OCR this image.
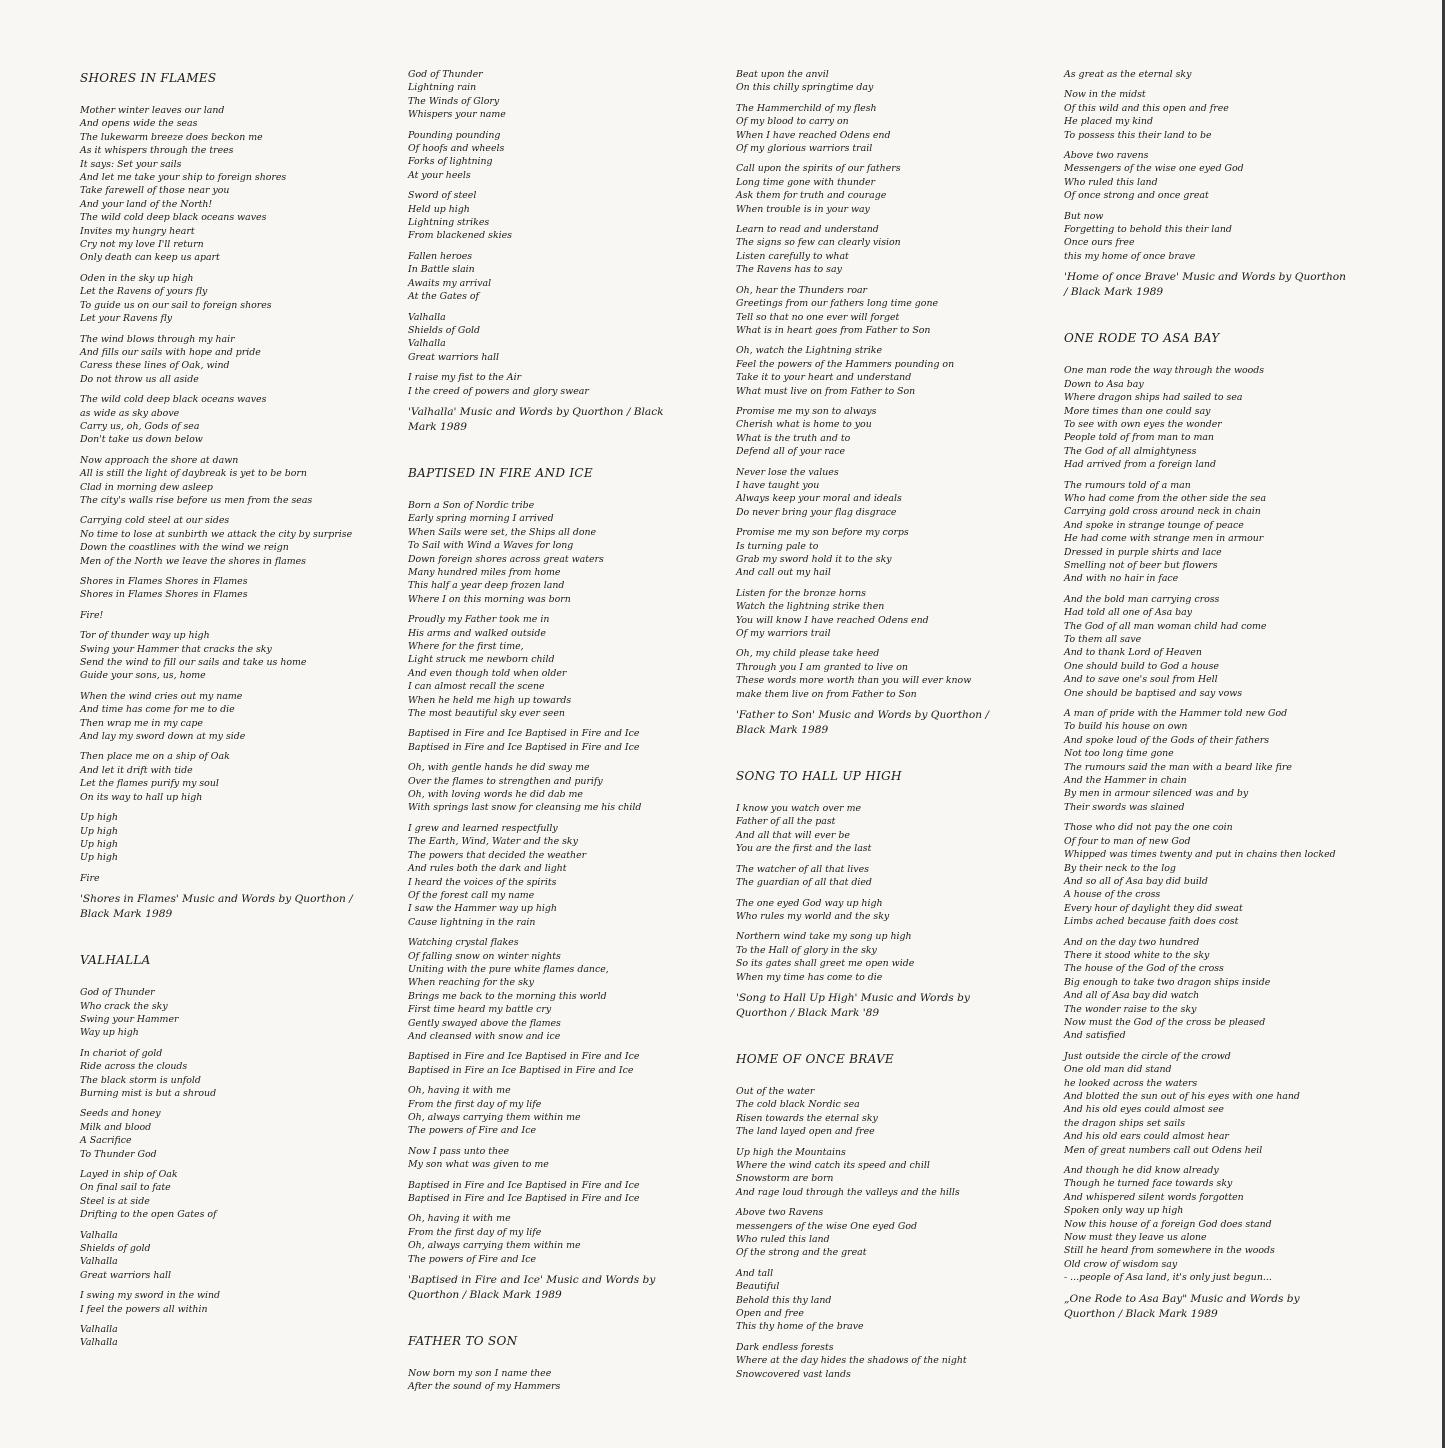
SHORES IN FLAMES
Mother winter leaves our land
And opens wide the seas
The lukewarm breeze does beckon me
As it whispers through the trees
It says: Set your sails
And let me take your ship to foreign shores
Take farewell of those near you
And your land of the North!
The wild cold deep black oceans waves
Invites my hungry heart
Cry not my love I'll return
Only death can keep us apart
Oden in the sky up high
Let the Ravens of yours fly
To guide us on our sail to foreign shores
Let your Ravens fly
The wind blows through my hair
And fills our sails with hope and pride
Caress these lines of Oak, wind
Do not throw us all aside
The wild cold deep black oceans waves
as wide as sky above
Carry us, oh, Gods of sea
Don't take us down below
Now approach the shore at dawn
All is still the light of daybreak is yet to be born
Clad in morning dew asleep
The city's walls rise before us men from the seas
Carrying cold steel at our sides
No time to lose at sunbirth we attack the city by surprise
Down the coastlines with the wind we reign
Men of the North we leave the shores in flames
Shores in Flames Shores in Flames
Shores in Flames Shores in Flames
Fire!
Tor of thunder way up high
Swing your Hammer that cracks the sky
Send the wind to fill our sails and take us home
Guide your sons, us, home
When the wind cries out my name
And time has come for me to die
Then wrap me in my cape
And lay my sword down at my side
Then place me on a ship of Oak
And let it drift with tide
Let the flames purify my soul
On its way to hall up high
Up high
Up high
Up high
Up high
Fire
'Shores in Flames' Music and Words by Quorthon / Black Mark 1989
VALHALLA
God of Thunder
Who crack the sky
Swing your Hammer
Way up high
In chariot of gold
Ride across the clouds
The black storm is unfold
Burning mist is but a shroud
Seeds and honey
Milk and blood
A Sacrifice
To Thunder God
Layed in ship of Oak
On final sail to fate
Steel is at side
Drifting to the open Gates of
Valhalla
Shields of gold
Valhalla
Great warriors hall
I swing my sword in the wind
I feel the powers all within
Valhalla
Valhalla
God of Thunder
Lightning rain
The Winds of Glory
Whispers your name
Pounding pounding
Of hoofs and wheels
Forks of lightning
At your heels
Sword of steel
Held up high
Lightning strikes
From blackened skies
Fallen heroes
In Battle slain
Awaits my arrival
At the Gates of
Valhalla
Shields of Gold
Valhalla
Great warriors hall
I raise my fist to the Air
I the creed of powers and glory swear
'Valhalla' Music and Words by Quorthon / Black Mark 1989
BAPTISED IN FIRE AND ICE
Born a Son of Nordic tribe
Early spring morning I arrived
When Sails were set, the Ships all done
To Sail with Wind a Waves for long
Down foreign shores across great waters
Many hundred miles from home
This half a year deep frozen land
Where I on this morning was born
Proudly my Father took me in
His arms and walked outside
Where for the first time,
Light struck me newborn child
And even though told when older
I can almost recall the scene
When he held me high up towards
The most beautiful sky ever seen
Baptised in Fire and Ice Baptised in Fire and Ice
Baptised in Fire and Ice Baptised in Fire and Ice
Oh, with gentle hands he did sway me
Over the flames to strengthen and purify
Oh, with loving words he did dab me
With springs last snow for cleansing me his child
I grew and learned respectfully
The Earth, Wind, Water and the sky
The powers that decided the weather
And rules both the dark and light
I heard the voices of the spirits
Of the forest call my name
I saw the Hammer way up high
Cause lightning in the rain
Watching crystal flakes
Of falling snow on winter nights
Uniting with the pure white flames dance,
When reaching for the sky
Brings me back to the morning this world
First time heard my battle cry
Gently swayed above the flames
And cleansed with snow and ice
Baptised in Fire and Ice Baptised in Fire and Ice
Baptised in Fire an Ice Baptised in Fire and Ice
Oh, having it with me
From the first day of my life
Oh, always carrying them within me
The powers of Fire and Ice
Now I pass unto thee
My son what was given to me
Baptised in Fire and Ice Baptised in Fire and Ice
Baptised in Fire and Ice Baptised in Fire and Ice
Oh, having it with me
From the first day of my life
Oh, always carrying them within me
The powers of Fire and Ice
'Baptised in Fire and Ice' Music and Words by Quorthon / Black Mark 1989
FATHER TO SON
Now born my son I name thee
After the sound of my Hammers
Beat upon the anvil
On this chilly springtime day
The Hammerchild of my flesh
Of my blood to carry on
When I have reached Odens end
Of my glorious warriors trail
Call upon the spirits of our fathers
Long time gone with thunder
Ask them for truth and courage
When trouble is in your way
Learn to read and understand
The signs so few can clearly vision
Listen carefully to what
The Ravens has to say
Oh, hear the Thunders roar
Greetings from our fathers long time gone
Tell so that no one ever will forget
What is in heart goes from Father to Son
Oh, watch the Lightning strike
Feel the powers of the Hammers pounding on
Take it to your heart and understand
What must live on from Father to Son
Promise me my son to always
Cherish what is home to you
What is the truth and to
Defend all of your race
Never lose the values
I have taught you
Always keep your moral and ideals
Do never bring your flag disgrace
Promise me my son before my corps
Is turning pale to
Grab my sword hold it to the sky
And call out my hail
Listen for the bronze horns
Watch the lightning strike then
You will know I have reached Odens end
Of my warriors trail
Oh, my child please take heed
Through you I am granted to live on
These words more worth than you will ever know
make them live on from Father to Son
'Father to Son' Music and Words by Quorthon / Black Mark 1989
SONG TO HALL UP HIGH
I know you watch over me
Father of all the past
And all that will ever be
You are the first and the last
The watcher of all that lives
The guardian of all that died
The one eyed God way up high
Who rules my world and the sky
Northern wind take my song up high
To the Hall of glory in the sky
So its gates shall greet me open wide
When my time has come to die
'Song to Hall Up High' Music and Words by Quorthon / Black Mark '89
HOME OF ONCE BRAVE
Out of the water
The cold black Nordic sea
Risen towards the eternal sky
The land layed open and free
Up high the Mountains
Where the wind catch its speed and chill
Snowstorm are born
And rage loud through the valleys and the hills
Above two Ravens
messengers of the wise One eyed God
Who ruled this land
Of the strong and the great
And tall
Beautiful
Behold this thy land
Open and free
This thy home of the brave
Dark endless forests
Where at the day hides the shadows of the night
Snowcovered vast lands
As great as the eternal sky
Now in the midst
Of this wild and this open and free
He placed my kind
To possess this their land to be
Above two ravens
Messengers of the wise one eyed God
Who ruled this land
Of once strong and once great
But now
Forgetting to behold this their land
Once ours free
this my home of once brave
'Home of once Brave' Music and Words by Quorthon / Black Mark 1989
ONE RODE TO ASA BAY
One man rode the way through the woods
Down to Asa bay
Where dragon ships had sailed to sea
More times than one could say
To see with own eyes the wonder
People told of from man to man
The God of all almightyness
Had arrived from a foreign land
The rumours told of a man
Who had come from the other side the sea
Carrying gold cross around neck in chain
And spoke in strange tounge of peace
He had come with strange men in armour
Dressed in purple shirts and lace
Smelling not of beer but flowers
And with no hair in face
And the bold man carrying cross
Had told all one of Asa bay
The God of all man woman child had come
To them all save
And to thank Lord of Heaven
One should build to God a house
And to save one's soul from Hell
One should be baptised and say vows
A man of pride with the Hammer told new God
To build his house on own
And spoke loud of the Gods of their fathers
Not too long time gone
The rumours said the man with a beard like fire
And the Hammer in chain
By men in armour silenced was and by
Their swords was slained
Those who did not pay the one coin
Of four to man of new God
Whipped was times twenty and put in chains then locked
By their neck to the log
And so all of Asa bay did build
A house of the cross
Every hour of daylight they did sweat
Limbs ached because faith does cost
And on the day two hundred
There it stood white to the sky
The house of the God of the cross
Big enough to take two dragon ships inside
And all of Asa bay did watch
The wonder raise to the sky
Now must the God of the cross be pleased
And satisfied
Just outside the circle of the crowd
One old man did stand
he looked across the waters
And blotted the sun out of his eyes with one hand
And his old eyes could almost see
the dragon ships set sails
And his old ears could almost hear
Men of great numbers call out Odens heil
And though he did know already
Though he turned face towards sky
And whispered silent words forgotten
Spoken only way up high
Now this house of a foreign God does stand
Now must they leave us alone
Still he heard from somewhere in the woods
Old crow of wisdom say
- ...people of Asa land, it's only just begun...
„One Rode to Asa Bay" Music and Words by Quorthon / Black Mark 1989
